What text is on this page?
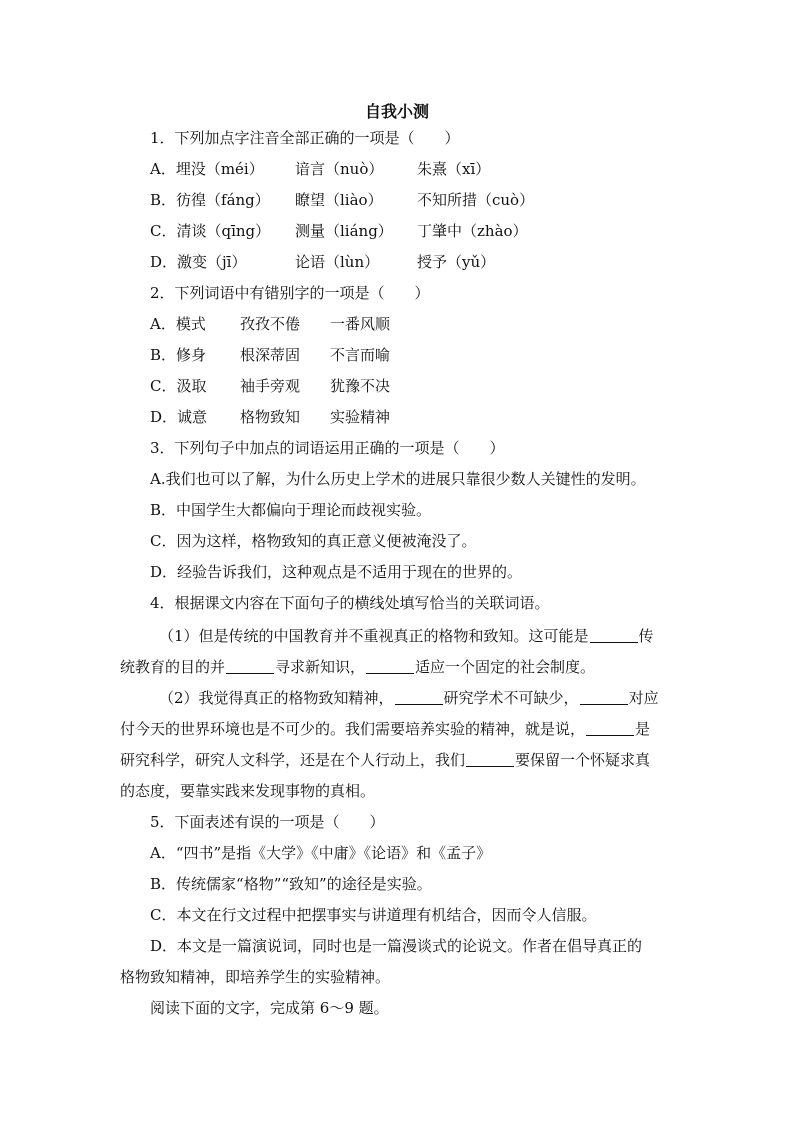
自我小测
1．下列加点字注音全部正确的一项是（　　）
A．埋没（méi） 谙言（nuò） 朱熹（xī）
B．彷徨（fáng） 瞭望（liào） 不知所措（cuò）
C．清谈（qīng） 测量（liáng） 丁肇中（zhào）
D．激变（jī）	论语（lùn）	授予（yǔ）
2．下列词语中有错别字的一项是（　　）
A．模式 孜孜不倦 一番风顺
B．修身 根深蒂固 不言而喻
C．汲取 袖手旁观 犹豫不决
D．诚意 格物致知 实验精神
3．下列句子中加点的词语运用正确的一项是（　　）
A.我们也可以了解，为什么历史上学术的进展只靠很少数人关键性的发明。
B．中国学生大都偏向于理论而歧视实验。
C．因为这样，格物致知的真正意义便被淹没了。
D．经验告诉我们，这种观点是不适用于现在的世界的。
4．根据课文内容在下面句子的横线处填写恰当的关联词语。
（1）但是传统的中国教育并不重视真正的格物和致知。这可能是	传
统教育的目的并	寻求新知识，	适应一个固定的社会制度。
（2）我觉得真正的格物致知精神，	研究学术不可缺少，	对应
付今天的世界环境也是不可少的。我们需要培养实验的精神，就是说，	是
研究科学，研究人文科学，还是在个人行动上，我们	要保留一个怀疑求真
的态度，要靠实践来发现事物的真相。
5．下面表述有误的一项是（　　）
A．“四书”是指《大学》《中庸》《论语》和《孟子》
B．传统儒家“格物”“致知”的途径是实验。
C．本文在行文过程中把摆事实与讲道理有机结合，因而令人信服。
D．本文是一篇演说词，同时也是一篇漫谈式的论说文。作者在倡导真正的
格物致知精神，即培养学生的实验精神。
阅读下面的文字，完成第 6～9 题。
